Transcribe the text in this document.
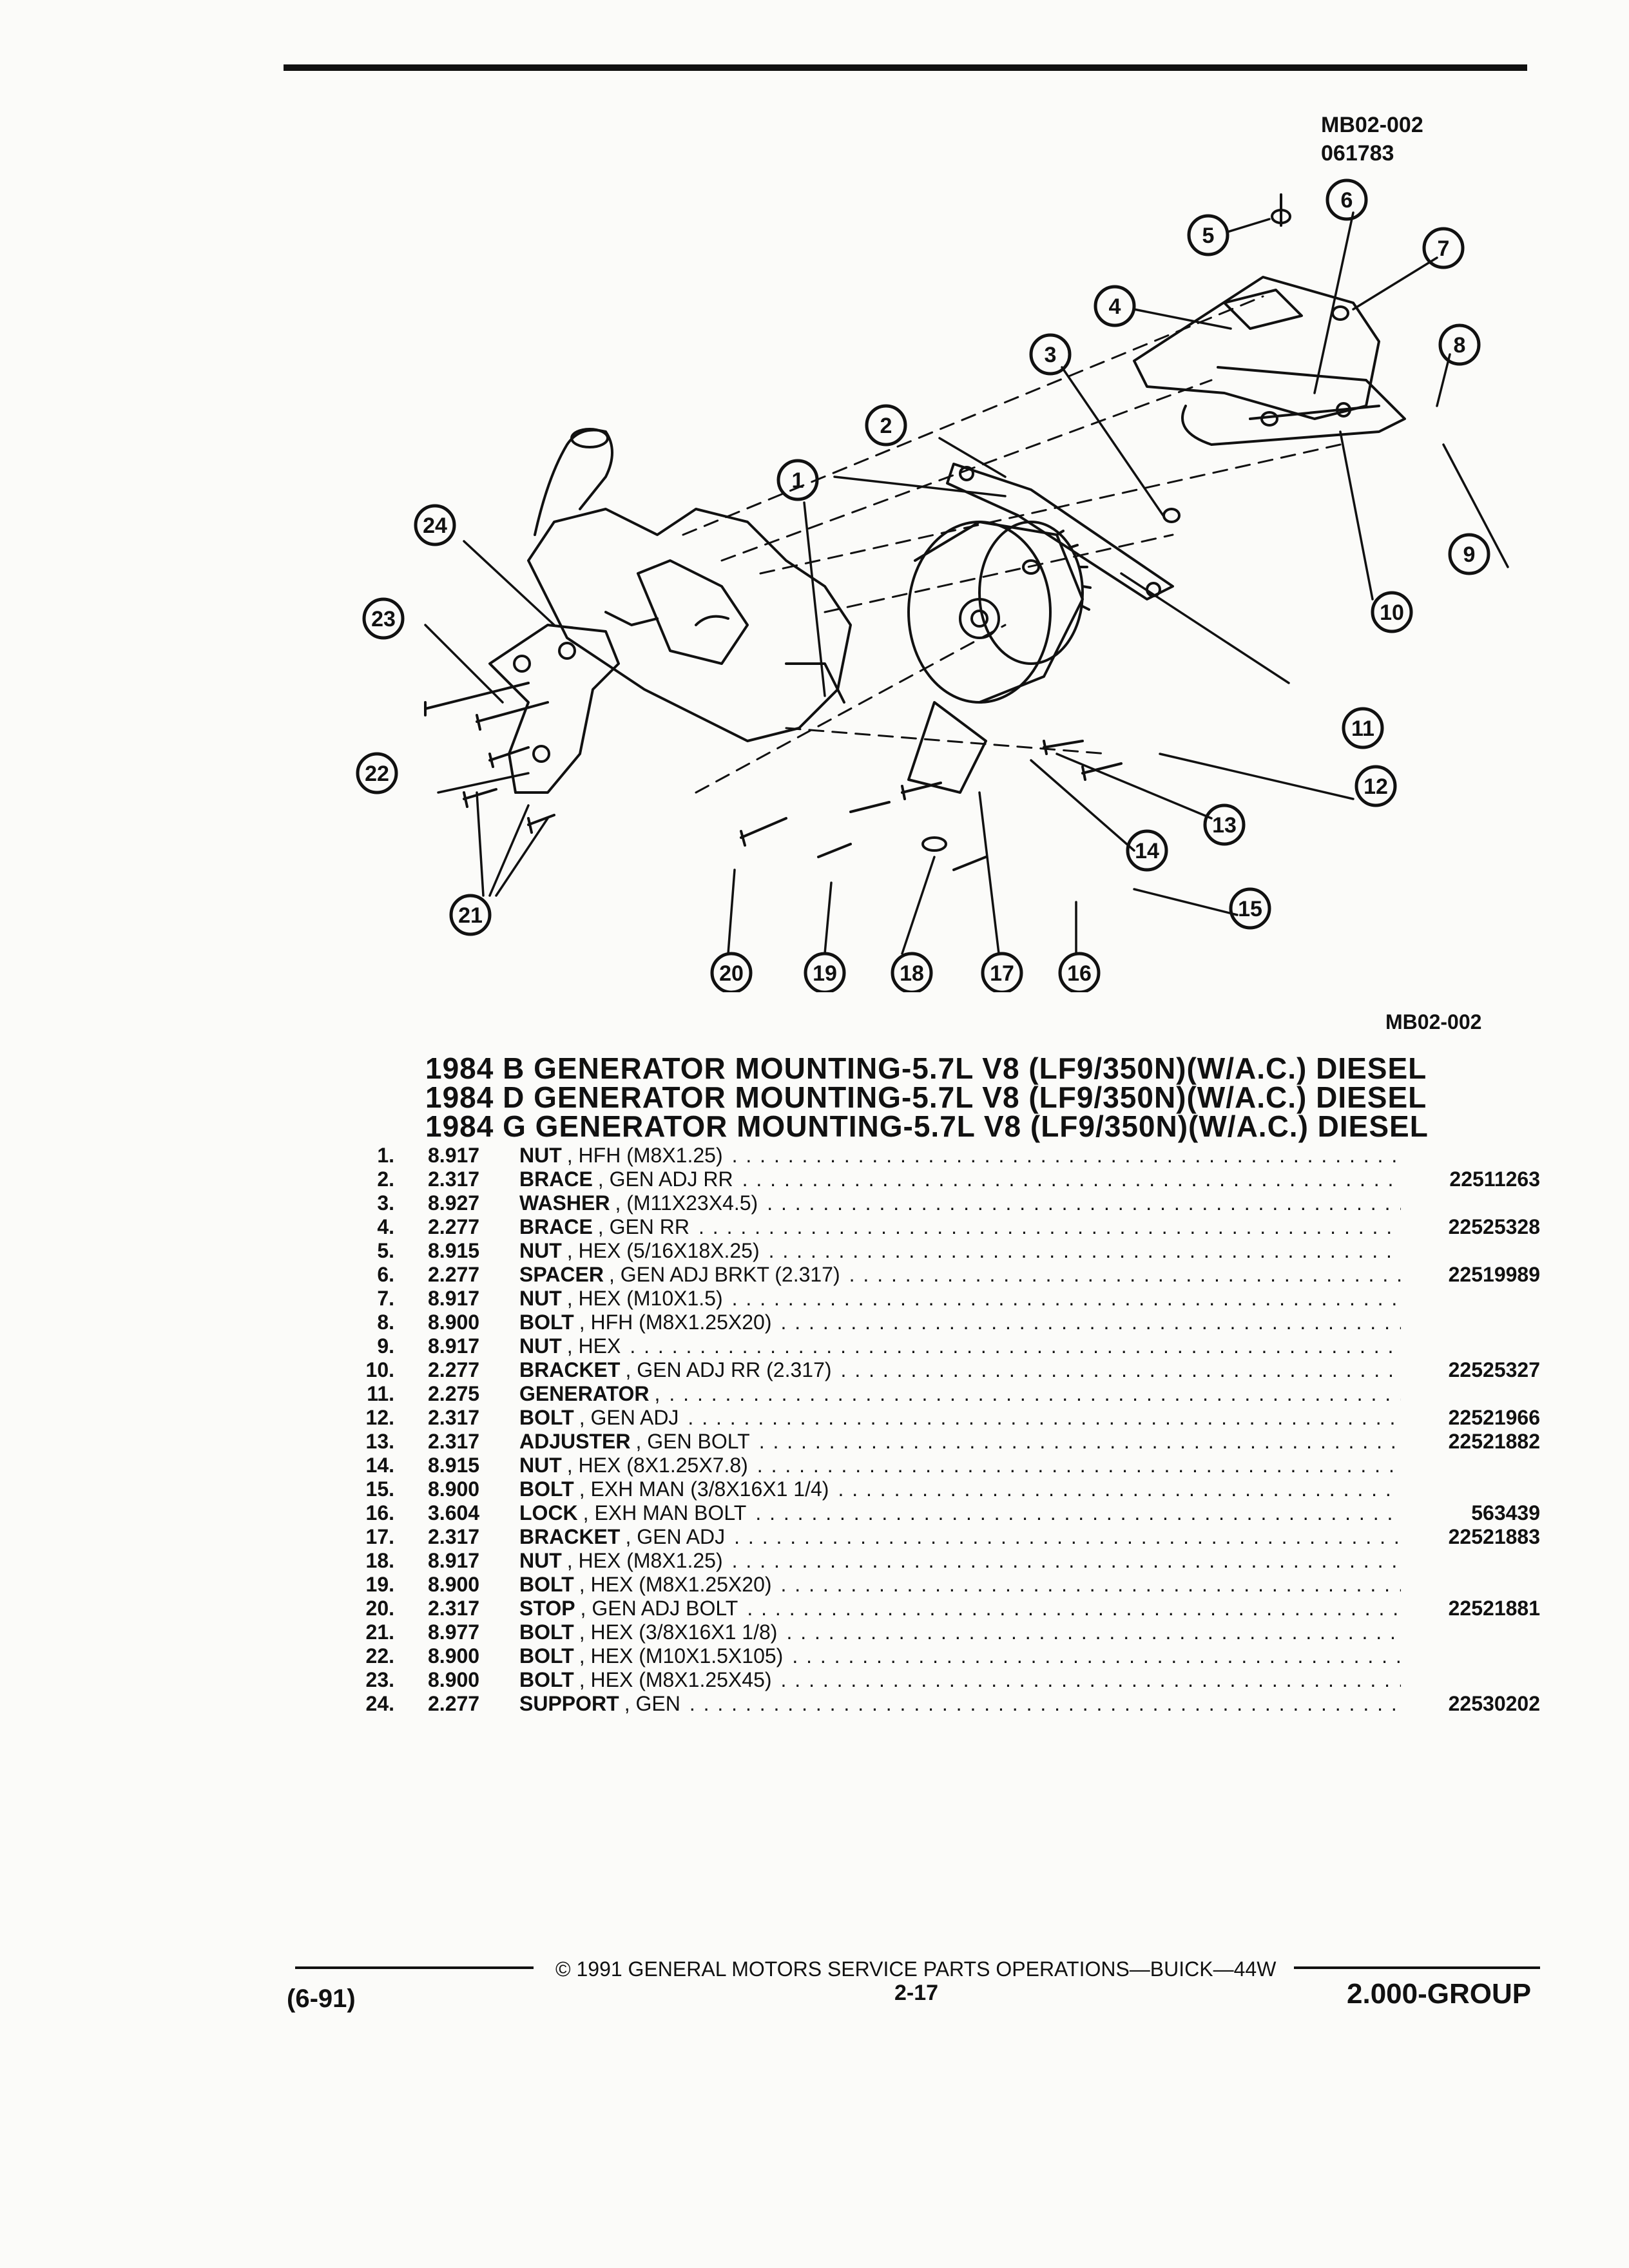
MB02-002
061783
6
5
7
4
8
3
2
1
9
10
11
12
13
14
15
16
17
18
19
20
21
22
23
24
MB02-002
1984 B GENERATOR MOUNTING-5.7L V8 (LF9/350N)(W/A.C.) DIESEL
1984 D GENERATOR MOUNTING-5.7L V8 (LF9/350N)(W/A.C.) DIESEL
1984 G GENERATOR MOUNTING-5.7L V8 (LF9/350N)(W/A.C.) DIESEL
1.	8.917	NUT , HFH (M8X1.25)
. . .
2.	2.317	BRACE , GEN ADJ RR . . .	22511263
3.	8.927	WASHER , (M11X23X4.5)
. . .
4.	2.277	BRACE , GEN RR . . .	22525328
5.	8.915	NUT , HEX (5/16X18X.25)
. . .
6.	2.277	SPACER , GEN ADJ BRKT (2.317) . . .	22519989
7.	8.917	NUT , HEX (M10X1.5)
. . .
8.	8.900	BOLT , HFH (M8X1.25X20)
. . .
9.	8.917	NUT , HEX
. . .
10.	2.277	BRACKET , GEN ADJ RR (2.317) . . .	22525327
11.	2.275	GENERATOR ,
. . .
12.	2.317	BOLT , GEN ADJ . . .	22521966
13.	2.317	ADJUSTER , GEN BOLT . . .	22521882
14.	8.915	NUT , HEX (8X1.25X7.8)
. . .
15.	8.900	BOLT , EXH MAN (3/8X16X1 1/4)
. . .
16.	3.604	LOCK , EXH MAN BOLT . . .	563439
17.	2.317	BRACKET , GEN ADJ . . .	22521883
18.	8.917	NUT , HEX (M8X1.25)
. . .
19.	8.900	BOLT , HEX (M8X1.25X20)
. . .
20.	2.317	STOP , GEN ADJ BOLT . . .	22521881
21.	8.977	BOLT , HEX (3/8X16X1 1/8)
. . .
22.	8.900	BOLT , HEX (M10X1.5X105)
. . .
23.	8.900	BOLT , HEX (M8X1.25X45)
. . .
24.	2.277	SUPPORT , GEN . . .	22530202
© 1991 GENERAL MOTORS SERVICE PARTS OPERATIONS—BUICK—44W
2-17
(6-91)	2.000-GROUP
